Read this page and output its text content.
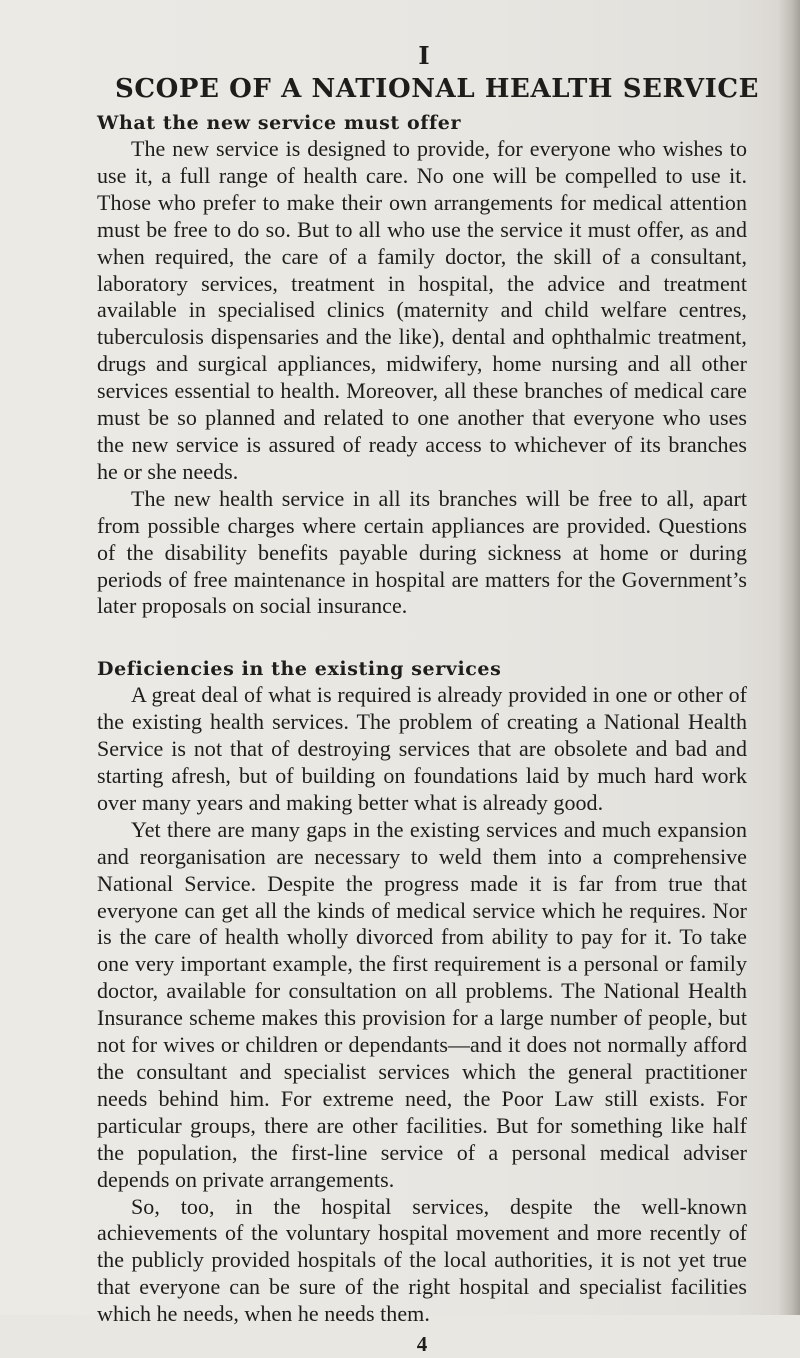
I
SCOPE OF A NATIONAL HEALTH SERVICE
What the new service must offer

The new service is designed to provide, for everyone who wishes to use it, a full range of health care. No one will be compelled to use it. Those who prefer to make their own arrangements for medical attention must be free to do so. But to all who use the service it must offer, as and when required, the care of a family doctor, the skill of a consultant, laboratory services, treatment in hospital, the advice and treatment available in specialised clinics (maternity and child welfare centres, tuberculosis dispensaries and the like), dental and ophthalmic treatment, drugs and surgical appliances, midwifery, home nursing and all other services essential to health. Moreover, all these branches of medical care must be so planned and related to one another that everyone who uses the new service is assured of ready access to whichever of its branches he or she needs.

The new health service in all its branches will be free to all, apart from possible charges where certain appliances are provided. Questions of the disability benefits payable during sickness at home or during periods of free maintenance in hospital are matters for the Government’s later proposals on social insurance.

Deficiencies in the existing services

A great deal of what is required is already provided in one or other of the existing health services. The problem of creating a National Health Service is not that of destroying services that are obsolete and bad and starting afresh, but of building on foundations laid by much hard work over many years and making better what is already good.

Yet there are many gaps in the existing services and much expansion and reorganisation are necessary to weld them into a comprehensive National Service. Despite the progress made it is far from true that everyone can get all the kinds of medical service which he requires. Nor is the care of health wholly divorced from ability to pay for it. To take one very important example, the first requirement is a personal or family doctor, available for consultation on all problems. The National Health Insurance scheme makes this provision for a large number of people, but not for wives or children or dependants—and it does not normally afford the consultant and specialist services which the general practitioner needs behind him. For extreme need, the Poor Law still exists. For particular groups, there are other facilities. But for something like half the population, the first-line service of a personal medical adviser depends on private arrangements.

So, too, in the hospital services, despite the well-known achievements of the voluntary hospital movement and more recently of the publicly provided hospitals of the local authorities, it is not yet true that everyone can be sure of the right hospital and specialist facilities which he needs, when he needs them.

4
